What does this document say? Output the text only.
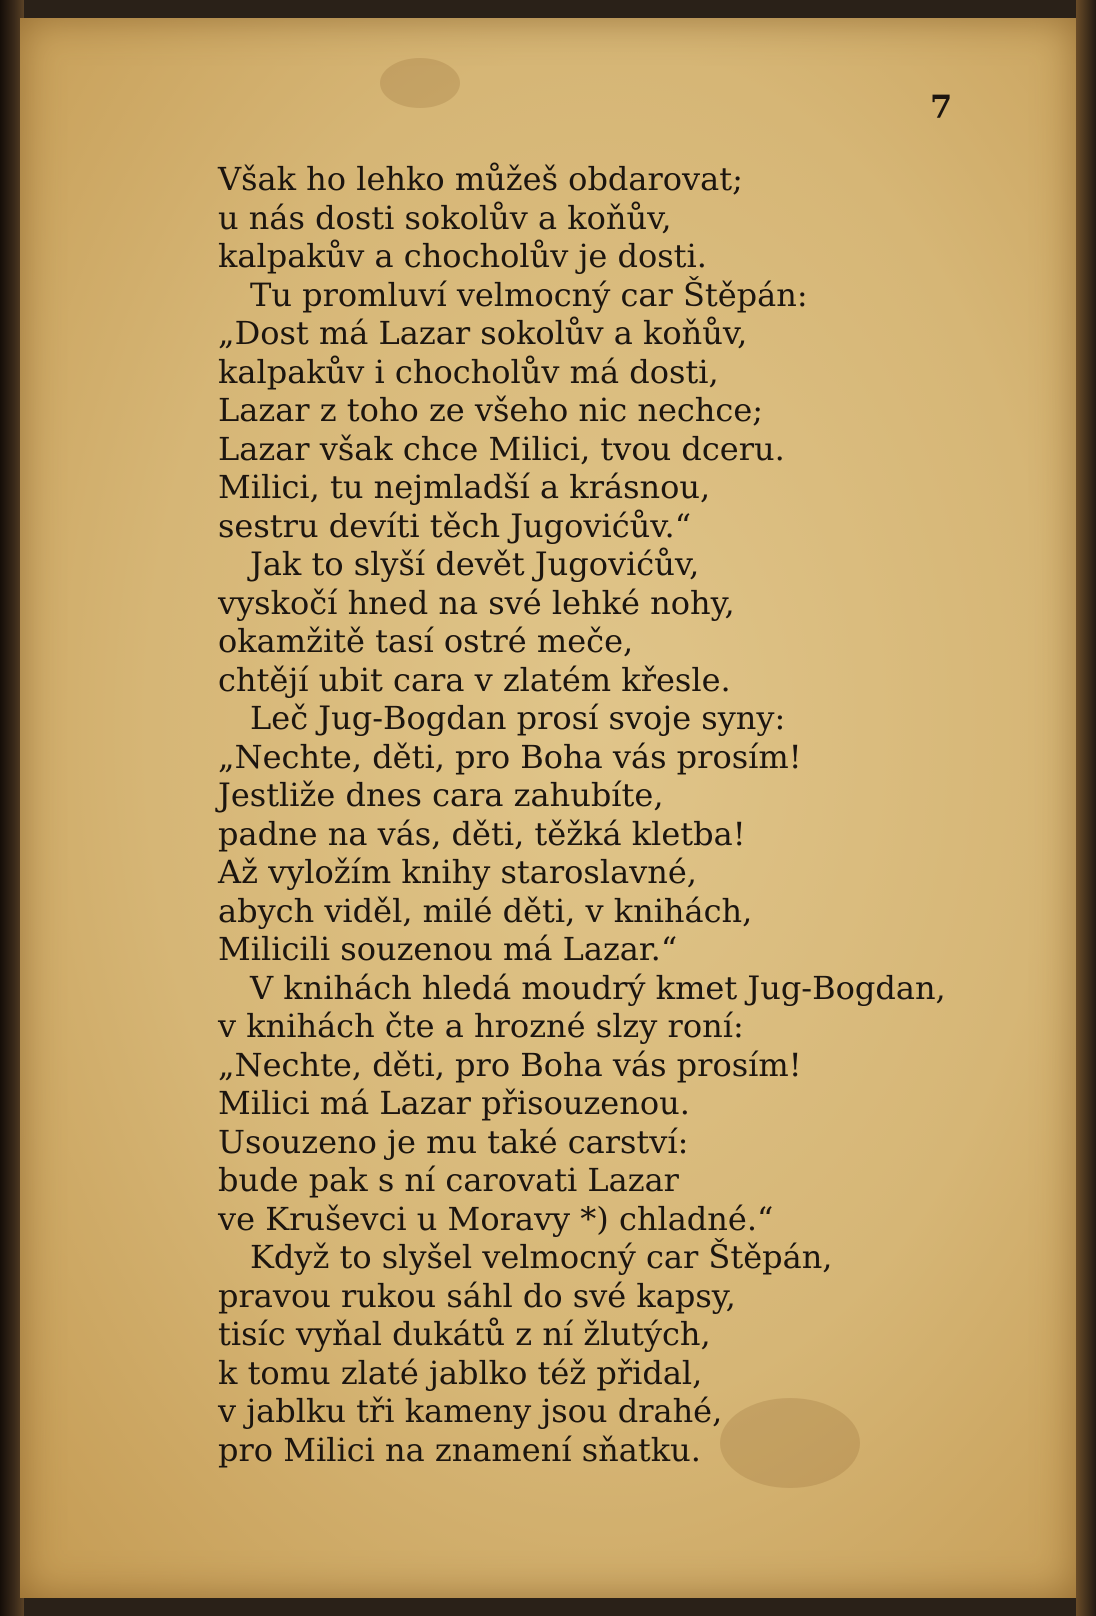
7
Však ho lehko můžeš obdarovat;
u nás dosti sokolův a koňův,
kalpakův a chocholův je dosti.
Tu promluví velmocný car Štěpán:
„Dost má Lazar sokolův a koňův,
kalpakův i chocholův má dosti,
Lazar z toho ze všeho nic nechce;
Lazar však chce Milici, tvou dceru.
Milici, tu nejmladší a krásnou,
sestru devíti těch Jugovićův.“
Jak to slyší devět Jugovićův,
vyskočí hned na své lehké nohy,
okamžitě tasí ostré meče,
chtějí ubit cara v zlatém křesle.
Leč Jug-Bogdan prosí svoje syny:
„Nechte, děti, pro Boha vás prosím!
Jestliže dnes cara zahubíte,
padne na vás, děti, těžká kletba!
Až vyložím knihy staroslavné,
abych viděl, milé děti, v knihách,
Milicili souzenou má Lazar.“
V knihách hledá moudrý kmet Jug-Bogdan,
v knihách čte a hrozné slzy roní:
„Nechte, děti, pro Boha vás prosím!
Milici má Lazar přisouzenou.
Usouzeno je mu také carství:
bude pak s ní carovati Lazar
ve Kruševci u Moravy *) chladné.“
Když to slyšel velmocný car Štěpán,
pravou rukou sáhl do své kapsy,
tisíc vyňal dukátů z ní žlutých,
k tomu zlaté jablko též přidal,
v jablku tři kameny jsou drahé,
pro Milici na znamení sňatku.
